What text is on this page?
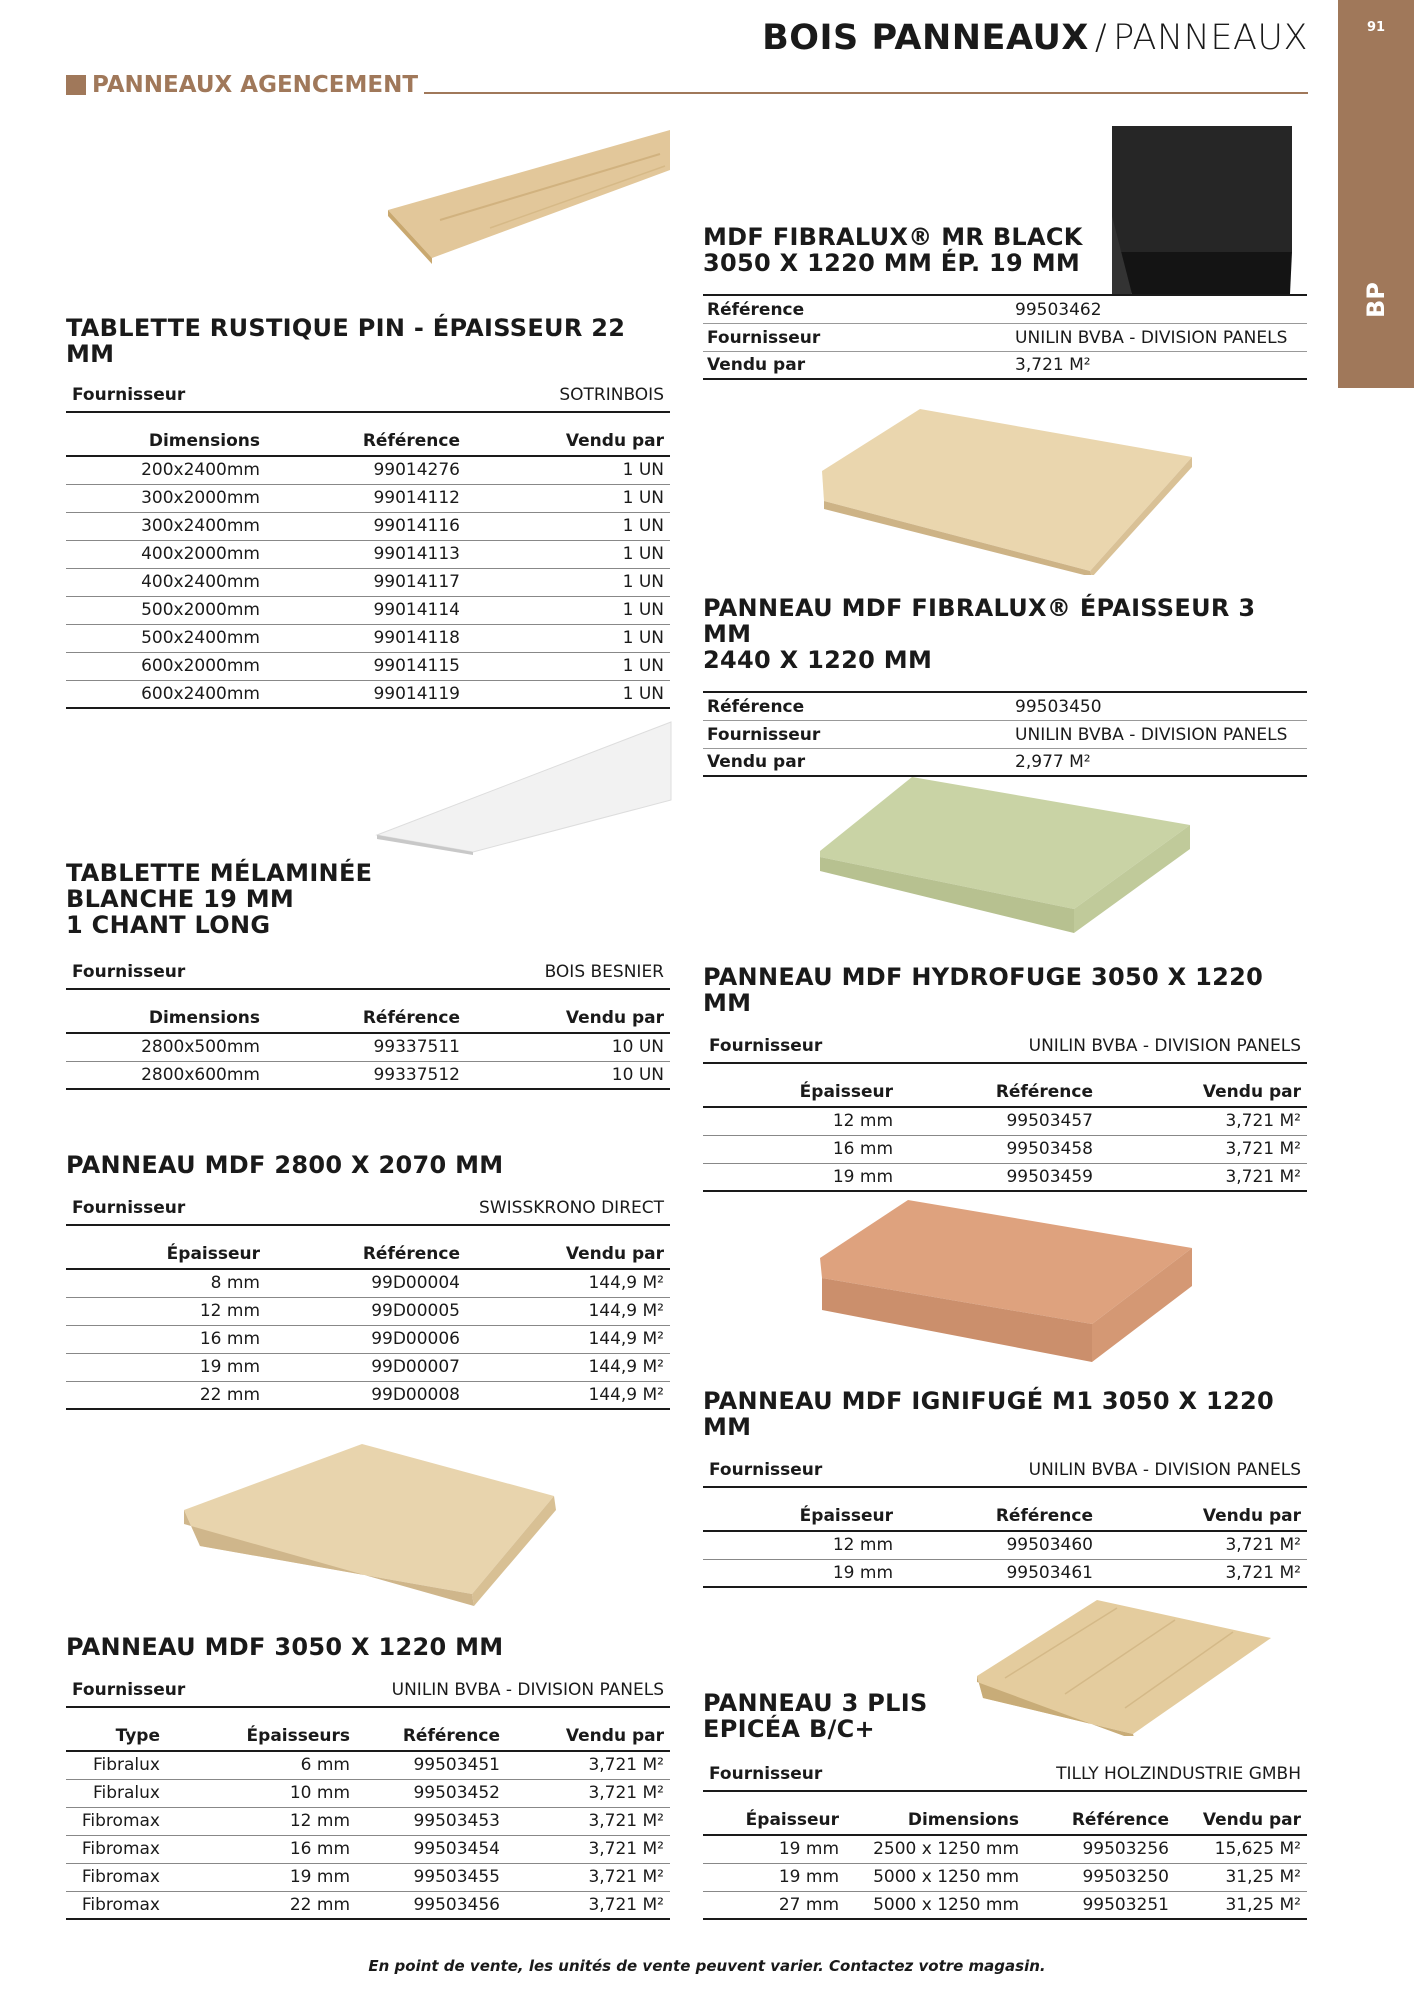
BOIS PANNEAUX / PANNEAUX	91
BP
PANNEAUX AGENCEMENT
TABLETTE RUSTIQUE PIN - ÉPAISSEUR 22 MM
Fournisseur	SOTRINBOIS
Dimensions	Référence	Vendu par
200x2400mm	99014276	1 UN
300x2000mm	99014112	1 UN
300x2400mm	99014116	1 UN
400x2000mm	99014113	1 UN
400x2400mm	99014117	1 UN
500x2000mm	99014114	1 UN
500x2400mm	99014118	1 UN
600x2000mm	99014115	1 UN
600x2400mm	99014119	1 UN
TABLETTE MÉLAMINÉE
BLANCHE 19 MM
1 CHANT LONG
Fournisseur	BOIS BESNIER
Dimensions	Référence	Vendu par
2800x500mm	99337511	10 UN
2800x600mm	99337512	10 UN
PANNEAU MDF 2800 X 2070 MM
Fournisseur	SWISSKRONO DIRECT
Épaisseur	Référence	Vendu par
8 mm	99D00004	144,9 M²
12 mm	99D00005	144,9 M²
16 mm	99D00006	144,9 M²
19 mm	99D00007	144,9 M²
22 mm	99D00008	144,9 M²
PANNEAU MDF 3050 X 1220 MM
Fournisseur	UNILIN BVBA - DIVISION PANELS
Type	Épaisseurs	Référence	Vendu par
Fibralux	6 mm	99503451	3,721 M²
Fibralux	10 mm	99503452	3,721 M²
Fibromax	12 mm	99503453	3,721 M²
Fibromax	16 mm	99503454	3,721 M²
Fibromax	19 mm	99503455	3,721 M²
Fibromax	22 mm	99503456	3,721 M²
MDF FIBRALUX® MR BLACK
3050 X 1220 MM ÉP. 19 MM
Référence	99503462
Fournisseur	UNILIN BVBA - DIVISION PANELS
Vendu par	3,721 M²
PANNEAU MDF FIBRALUX® ÉPAISSEUR 3 MM
2440 X 1220 MM
Référence	99503450
Fournisseur	UNILIN BVBA - DIVISION PANELS
Vendu par	2,977 M²
PANNEAU MDF HYDROFUGE 3050 X 1220 MM
Fournisseur	UNILIN BVBA - DIVISION PANELS
Épaisseur	Référence	Vendu par
12 mm	99503457	3,721 M²
16 mm	99503458	3,721 M²
19 mm	99503459	3,721 M²
PANNEAU MDF IGNIFUGÉ M1 3050 X 1220 MM
Fournisseur	UNILIN BVBA - DIVISION PANELS
Épaisseur	Référence	Vendu par
12 mm	99503460	3,721 M²
19 mm	99503461	3,721 M²
PANNEAU 3 PLIS
EPICÉA B/C+
Fournisseur	TILLY HOLZINDUSTRIE GMBH
Épaisseur	Dimensions	Référence	Vendu par
19 mm	2500 x 1250 mm	99503256	15,625 M²
19 mm	5000 x 1250 mm	99503250	31,25 M²
27 mm	5000 x 1250 mm	99503251	31,25 M²
En point de vente, les unités de vente peuvent varier. Contactez votre magasin.
